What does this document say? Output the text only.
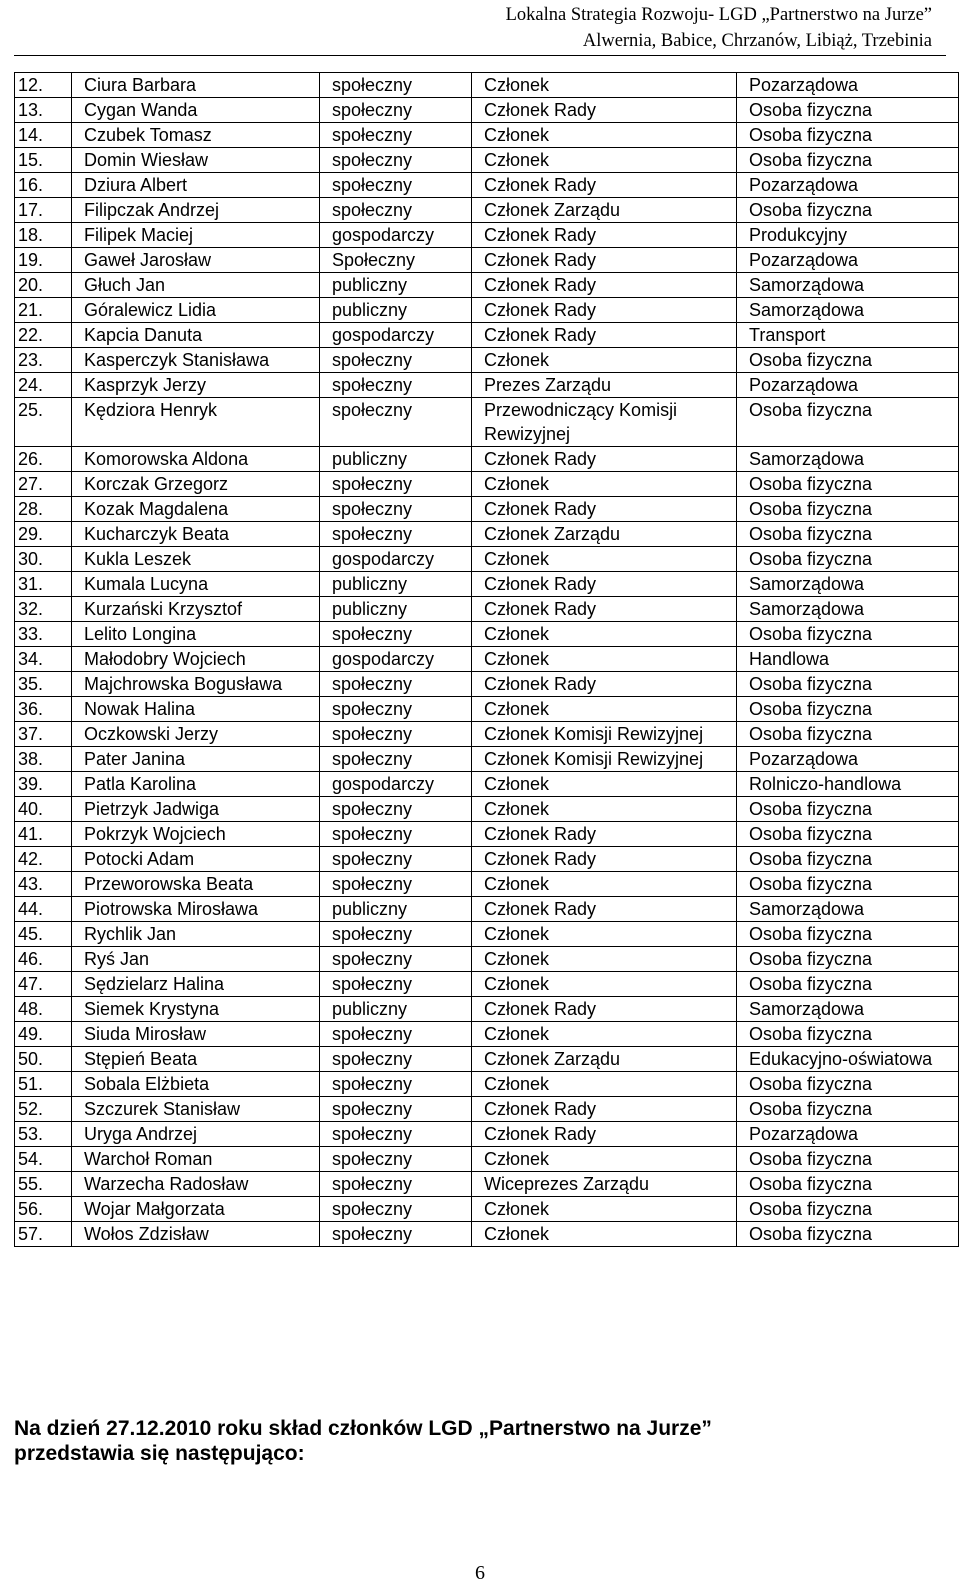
Lokalna Strategia Rozwoju- LGD „Partnerstwo na Jurze”
Alwernia, Babice, Chrzanów, Libiąż, Trzebinia
12.	Ciura Barbara	społeczny	Członek	Pozarządowa
13.	Cygan Wanda	społeczny	Członek Rady	Osoba fizyczna
14.	Czubek Tomasz	społeczny	Członek	Osoba fizyczna
15.	Domin Wiesław	społeczny	Członek	Osoba fizyczna
16.	Dziura Albert	społeczny	Członek Rady	Pozarządowa
17.	Filipczak Andrzej	społeczny	Członek Zarządu	Osoba fizyczna
18.	Filipek Maciej	gospodarczy	Członek Rady	Produkcyjny
19.	Gaweł Jarosław	Społeczny	Członek Rady	Pozarządowa
20.	Głuch Jan	publiczny	Członek Rady	Samorządowa
21.	Góralewicz Lidia	publiczny	Członek Rady	Samorządowa
22.	Kapcia Danuta	gospodarczy	Członek Rady	Transport
23.	Kasperczyk Stanisława	społeczny	Członek	Osoba fizyczna
24.	Kasprzyk Jerzy	społeczny	Prezes Zarządu	Pozarządowa
25.	Kędziora Henryk	społeczny	Przewodniczący Komisji Rewizyjnej	Osoba fizyczna
26.	Komorowska Aldona	publiczny	Członek Rady	Samorządowa
27.	Korczak Grzegorz	społeczny	Członek	Osoba fizyczna
28.	Kozak Magdalena	społeczny	Członek Rady	Osoba fizyczna
29.	Kucharczyk Beata	społeczny	Członek Zarządu	Osoba fizyczna
30.	Kukla Leszek	gospodarczy	Członek	Osoba fizyczna
31.	Kumala Lucyna	publiczny	Członek Rady	Samorządowa
32.	Kurzański Krzysztof	publiczny	Członek Rady	Samorządowa
33.	Lelito Longina	społeczny	Członek	Osoba fizyczna
34.	Małodobry Wojciech	gospodarczy	Członek	Handlowa
35.	Majchrowska Bogusława	społeczny	Członek Rady	Osoba fizyczna
36.	Nowak Halina	społeczny	Członek	Osoba fizyczna
37.	Oczkowski Jerzy	społeczny	Członek Komisji Rewizyjnej	Osoba fizyczna
38.	Pater Janina	społeczny	Członek Komisji Rewizyjnej	Pozarządowa
39.	Patla Karolina	gospodarczy	Członek	Rolniczo-handlowa
40.	Pietrzyk Jadwiga	społeczny	Członek	Osoba fizyczna
41.	Pokrzyk Wojciech	społeczny	Członek Rady	Osoba fizyczna
42.	Potocki Adam	społeczny	Członek Rady	Osoba fizyczna
43.	Przeworowska Beata	społeczny	Członek	Osoba fizyczna
44.	Piotrowska Mirosława	publiczny	Członek Rady	Samorządowa
45.	Rychlik Jan	społeczny	Członek	Osoba fizyczna
46.	Ryś Jan	społeczny	Członek	Osoba fizyczna
47.	Sędzielarz Halina	społeczny	Członek	Osoba fizyczna
48.	Siemek Krystyna	publiczny	Członek Rady	Samorządowa
49.	Siuda Mirosław	społeczny	Członek	Osoba fizyczna
50.	Stępień Beata	społeczny	Członek Zarządu	Edukacyjno-oświatowa
51.	Sobala Elżbieta	społeczny	Członek	Osoba fizyczna
52.	Szczurek Stanisław	społeczny	Członek Rady	Osoba fizyczna
53.	Uryga Andrzej	społeczny	Członek Rady	Pozarządowa
54.	Warchoł Roman	społeczny	Członek	Osoba fizyczna
55.	Warzecha Radosław	społeczny	Wiceprezes Zarządu	Osoba fizyczna
56.	Wojar Małgorzata	społeczny	Członek	Osoba fizyczna
57.	Wołos Zdzisław	społeczny	Członek	Osoba fizyczna
Na dzień 27.12.2010 roku skład członków LGD „Partnerstwo na Jurze”
przedstawia się następująco:
6
